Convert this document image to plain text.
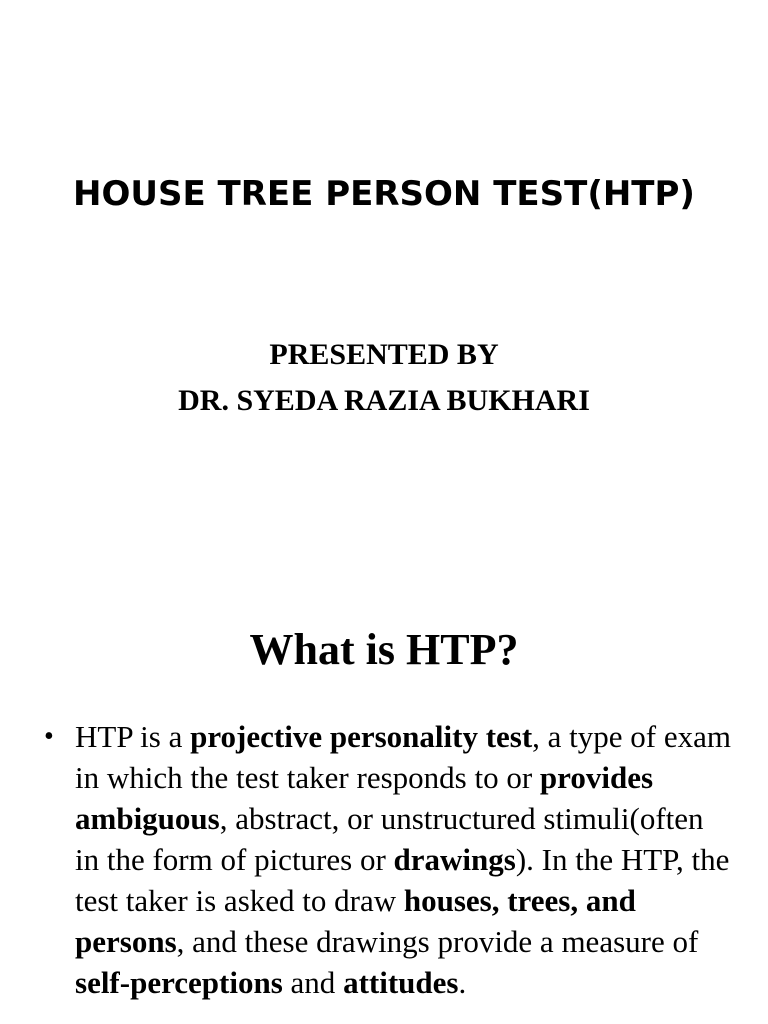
HOUSE TREE PERSON TEST(HTP)
PRESENTED BY
DR. SYEDA RAZIA BUKHARI
What is HTP?
• HTP is a projective personality test, a type of exam in which the test taker responds to or provides ambiguous, abstract, or unstructured stimuli(often in the form of pictures or drawings). In the HTP, the test taker is asked to draw houses, trees, and persons, and these drawings provide a measure of self-perceptions and attitudes.
